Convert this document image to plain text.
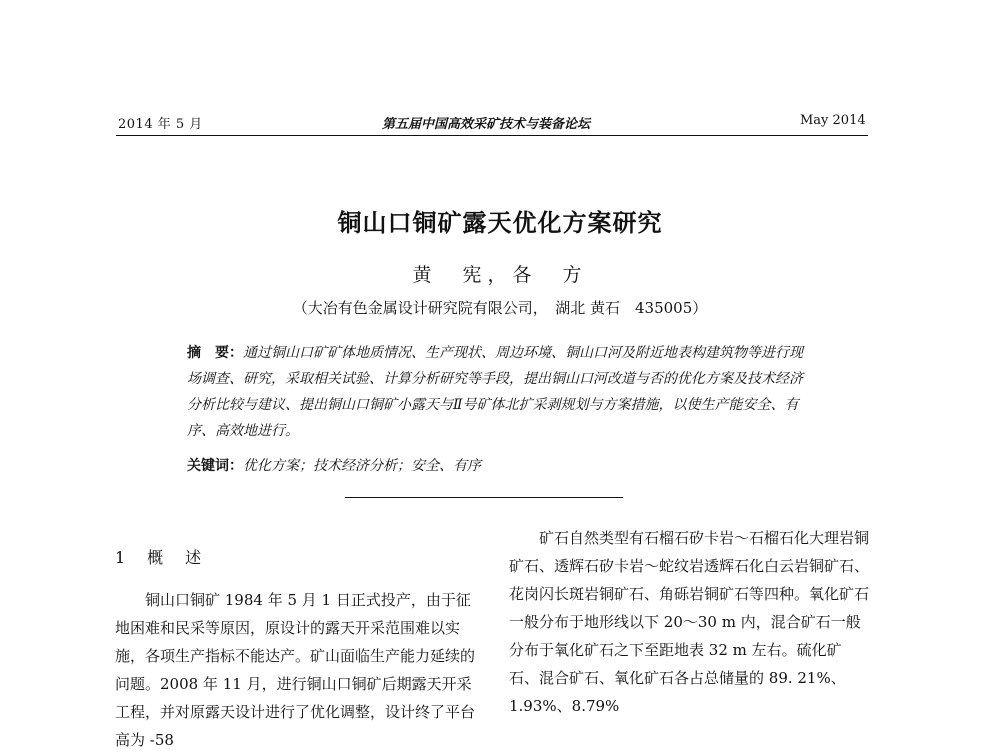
2014 年 5 月	第五届中国高效采矿技术与装备论坛	May 2014
铜山口铜矿露天优化方案研究
黄　宪，各　方
（大冶有色金属设计研究院有限公司，　湖北 黄石　435005）
摘　要：通过铜山口矿矿体地质情况、生产现状、周边环境、铜山口河及附近地表构建筑物等进行现场调查、研究，采取相关试验、计算分析研究等手段，提出铜山口河改道与否的优化方案及技术经济分析比较与建议、提出铜山口铜矿小露天与Ⅱ号矿体北扩采剥规划与方案措施，以使生产能安全、有序、高效地进行。
关键词：优化方案；技术经济分析；安全、有序
1　概　述

铜山口铜矿 1984 年 5 月 1 日正式投产，由于征地困难和民采等原因，原设计的露天开采范围难以实施，各项生产指标不能达产。矿山面临生产能力延续的问题。2008 年 11 月，进行铜山口铜矿后期露天开采工程，并对原露天设计进行了优化调整，设计终了平台高为 -58

矿石自然类型有石榴石矽卡岩～石榴石化大理岩铜矿石、透辉石矽卡岩～蛇纹岩透辉石化白云岩铜矿石、花岗闪长斑岩铜矿石、角砾岩铜矿石等四种。氧化矿石一般分布于地形线以下 20～30 m 内，混合矿石一般分布于氧化矿石之下至距地表 32 m 左右。硫化矿石、混合矿石、氧化矿石各占总储量的 89. 21%、1.93%、8.79%
